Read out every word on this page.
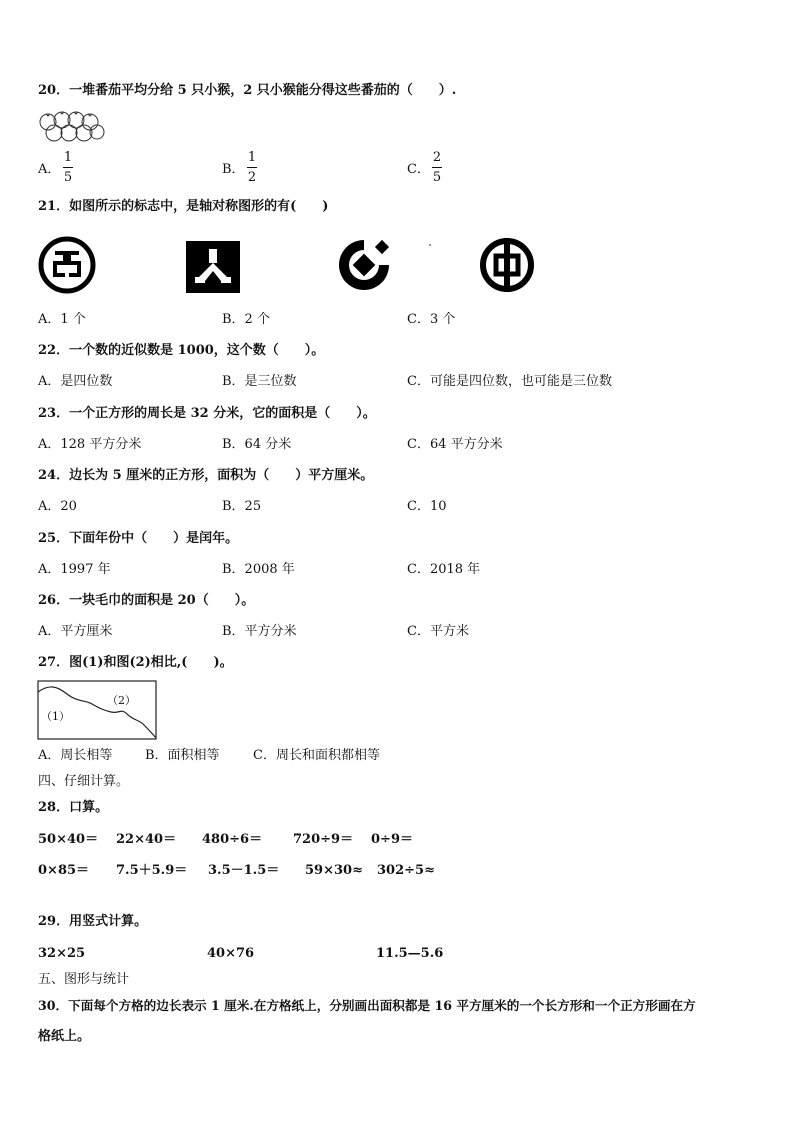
20．一堆番茄平均分给 5 只小猴，2 只小猴能分得这些番茄的（　　）.
A．
1
5
B．
1
2
C．
2
5
21．如图所示的标志中，是轴对称图形的有(　　)
A．1 个	B．2 个	C．3 个
22．一个数的近似数是 1000，这个数（　　）。
A．是四位数	B．是三位数	C．可能是四位数，也可能是三位数
23．一个正方形的周长是 32 分米，它的面积是（　　）。
A．128 平方分米	B．64 分米	C．64 平方分米
24．边长为 5 厘米的正方形，面积为（　　）平方厘米。
A．20	B．25	C．10
25．下面年份中（　　）是闰年。
A．1997 年	B．2008 年	C．2018 年
26．一块毛巾的面积是 20（　　）。
A．平方厘米	B．平方分米	C．平方米
27．图(1)和图(2)相比,(　　)。
（1）
（2）
A．周长相等	B．面积相等	C．周长和面积都相等
四、仔细计算。
28．口算。
50×40＝ 22×40＝ 480÷6＝ 720÷9＝ 0÷9＝
0×85＝ 7.5＋5.9＝ 3.5－1.5＝ 59×30≈ 302÷5≈
29．用竖式计算。
32×25	40×76	11.5—5.6
五、图形与统计
30．下面每个方格的边长表示 1 厘米.在方格纸上，分别画出面积都是 16 平方厘米的一个长方形和一个正方形画在方
格纸上。
